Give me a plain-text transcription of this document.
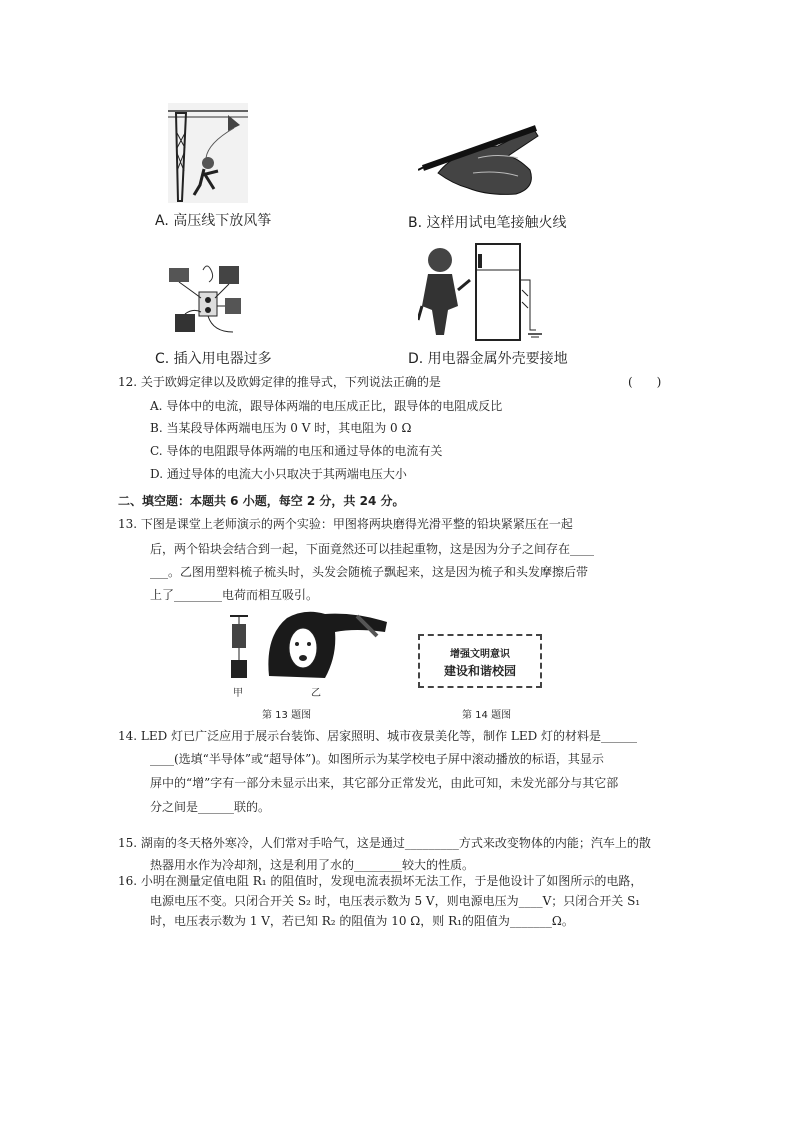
A. 高压线下放风筝	B. 这样用试电笔接触火线
C. 插入用电器过多	D. 用电器金属外壳要接地
12. 关于欧姆定律以及欧姆定律的推导式，下列说法正确的是	(　　)
A. 导体中的电流，跟导体两端的电压成正比，跟导体的电阻成反比
B. 当某段导体两端电压为 0 V 时，其电阻为 0 Ω
C. 导体的电阻跟导体两端的电压和通过导体的电流有关
D. 通过导体的电流大小只取决于其两端电压大小
二、填空题：本题共 6 小题，每空 2 分，共 24 分。
13. 下图是课堂上老师演示的两个实验：甲图将两块磨得光滑平整的铅块紧紧压在一起
后，两个铅块会结合到一起，下面竟然还可以挂起重物，这是因为分子之间存在____
___。乙图用塑料梳子梳头时，头发会随梳子飘起来，这是因为梳子和头发摩擦后带
上了________电荷而相互吸引。
甲	乙
增强文明意识
建设和谐校园
第 13 题图	第 14 题图
14. LED 灯已广泛应用于展示台装饰、居家照明、城市夜景美化等，制作 LED 灯的材料是______
____(选填“半导体”或“超导体”)。如图所示为某学校电子屏中滚动播放的标语，其显示
屏中的“增”字有一部分未显示出来，其它部分正常发光，由此可知，未发光部分与其它部
分之间是______联的。
15. 湖南的冬天格外寒冷，人们常对手哈气，这是通过_________方式来改变物体的内能；汽车上的散
热器用水作为冷却剂，这是利用了水的________较大的性质。
16. 小明在测量定值电阻 R₁ 的阻值时，发现电流表损坏无法工作，于是他设计了如图所示的电路，
电源电压不变。只闭合开关 S₂ 时，电压表示数为 5 V，则电源电压为____V；只闭合开关 S₁
时，电压表示数为 1 V，若已知 R₂ 的阻值为 10 Ω，则 R₁的阻值为_______Ω。
